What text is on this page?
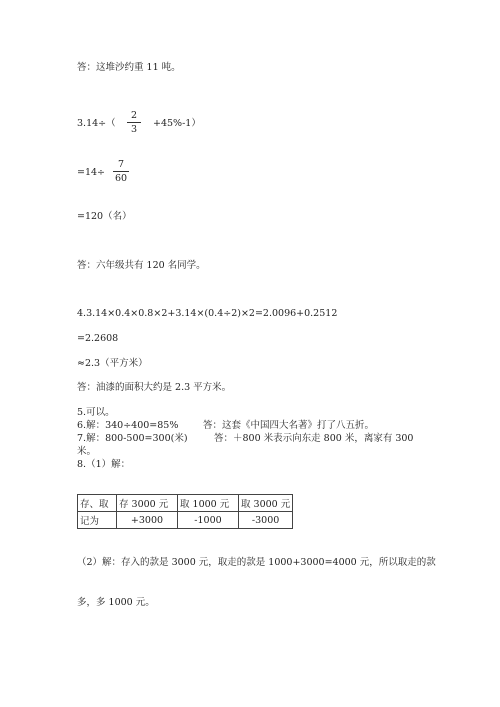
答：这堆沙约重 11 吨。
3.14÷（
2
3
+45%-1）
=14÷
7
60
=120（名）
答：六年级共有 120 名同学。
4.3.14×0.4×0.8×2+3.14×(0.4÷2)×2=2.0096+0.2512
=2.2608
≈2.3（平方米）
答：油漆的面积大约是 2.3 平方米。
5.可以。
6.解：340÷400=85%	答：这套《中国四大名著》打了八五折。
7.解：800-500=300(米)	答：＋800 米表示向东走 800 米，离家有 300
米。
8.（1）解：
存、取	存 3000 元	取 1000 元	取 3000 元
记为	+3000	-1000	-3000
（2）解：存入的款是 3000 元，取走的款是 1000+3000=4000 元，所以取走的款
多，多 1000 元。
